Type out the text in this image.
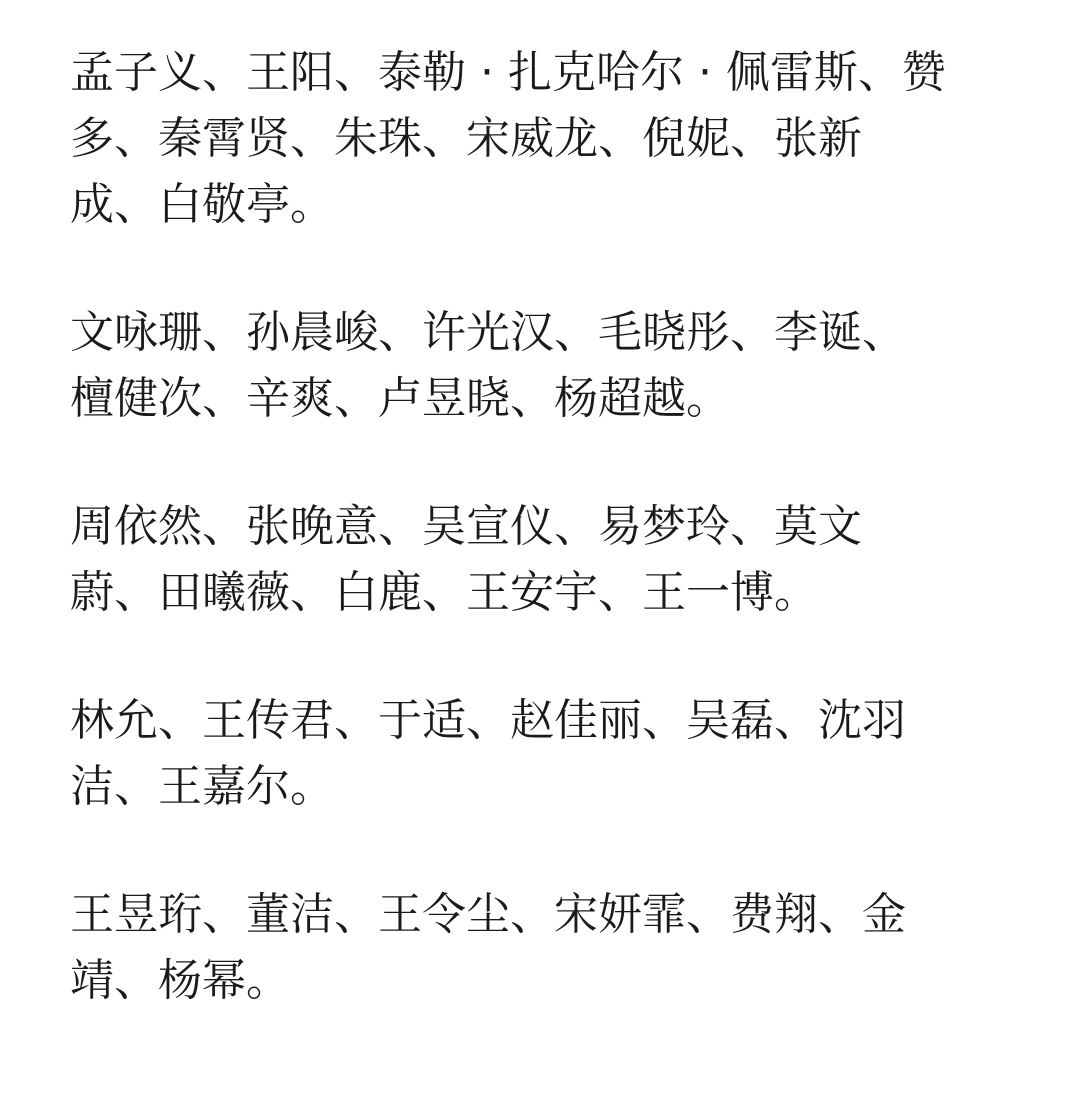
孟子义、王阳、泰勒 · 扎克哈尔 · 佩雷斯、赞
多、秦霄贤、朱珠、宋威龙、倪妮、张新
成、白敬亭。

文咏珊、孙晨峻、许光汉、毛晓彤、李诞、
檀健次、辛爽、卢昱晓、杨超越。

周依然、张晚意、吴宣仪、易梦玲、莫文
蔚、田曦薇、白鹿、王安宇、王一博。

林允、王传君、于适、赵佳丽、吴磊、沈羽
洁、王嘉尔。

王昱珩、董洁、王令尘、宋妍霏、费翔、金
靖、杨幂。
